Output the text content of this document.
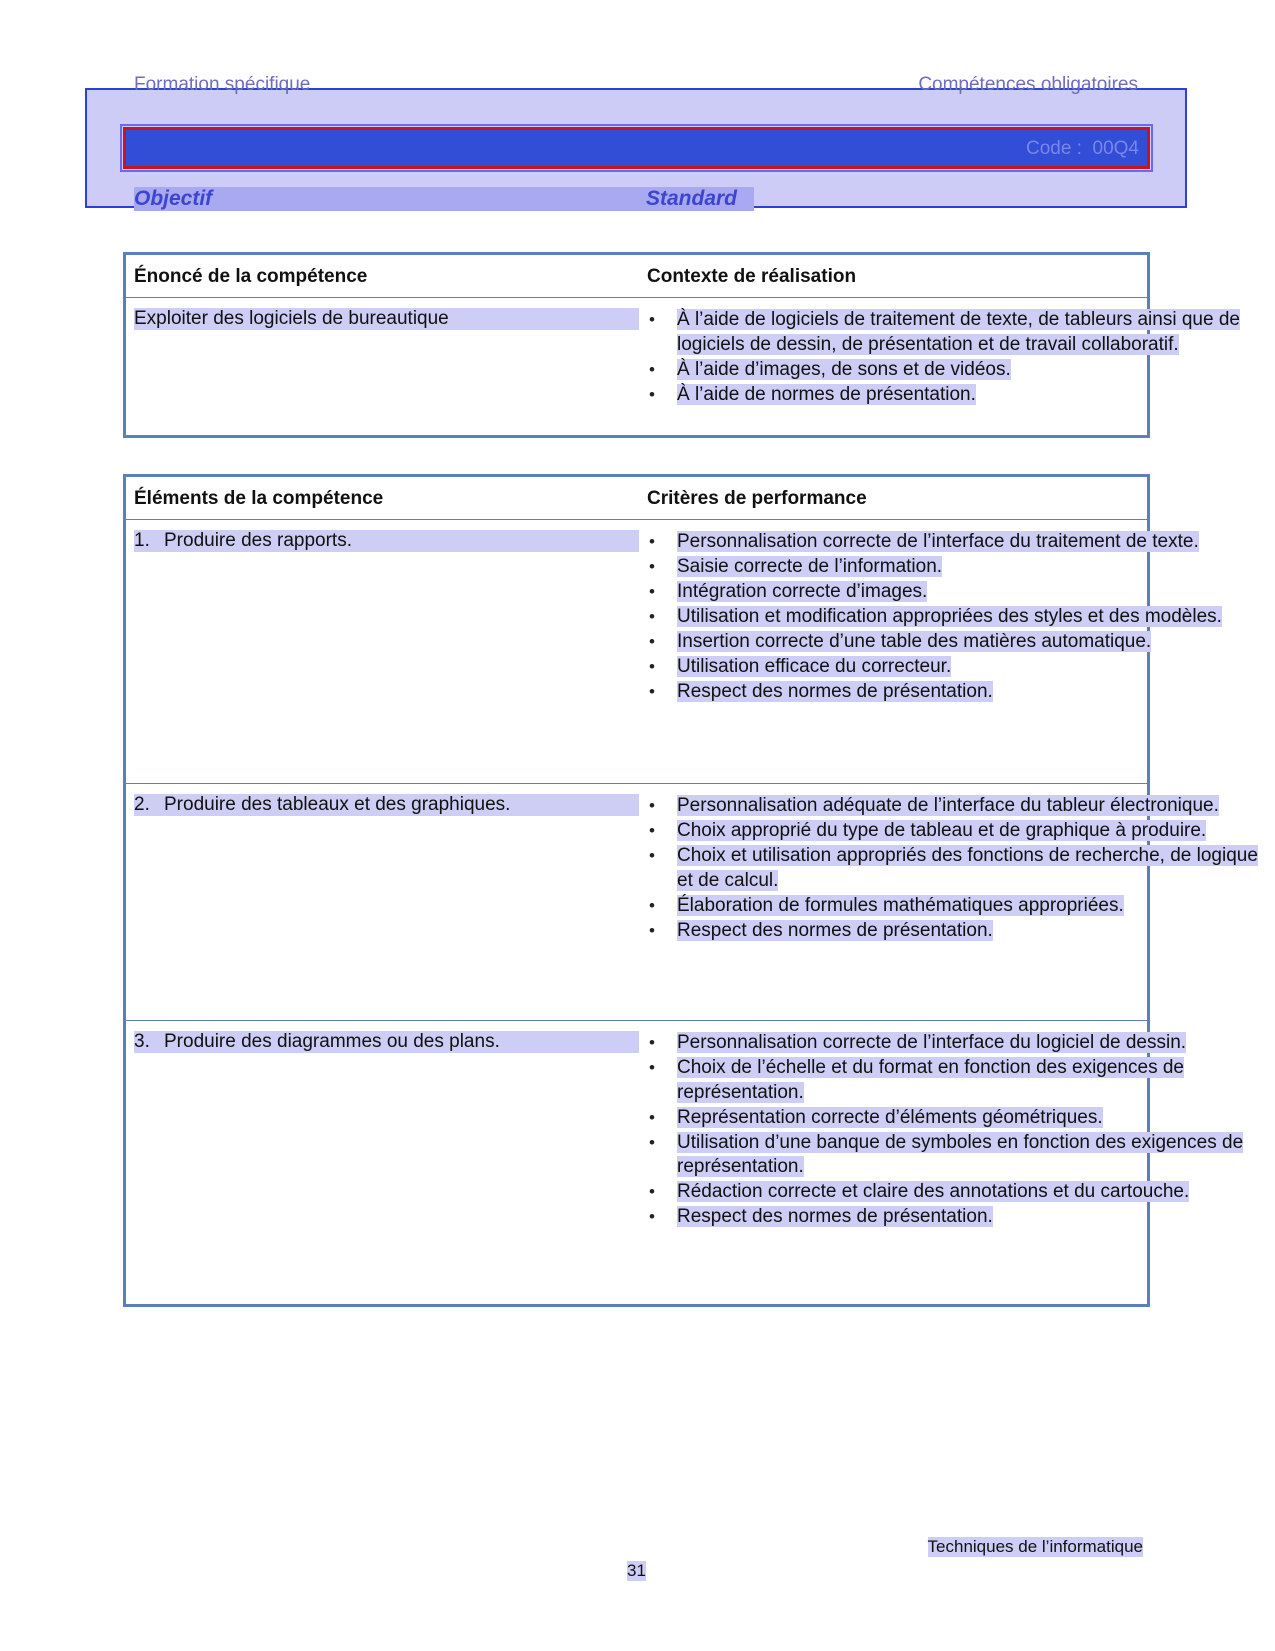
Formation spécifique	Compétences obligatoires
Code :  00Q4
Objectif	Standard
Énoncé de la compétence	Contexte de réalisation
Exploiter des logiciels de bureautique	• À l’aide de logiciels de traitement de texte, de tableurs ainsi que de logiciels de dessin, de présentation et de travail collaboratif.
• À l’aide d’images, de sons et de vidéos.
• À l’aide de normes de présentation.
Éléments de la compétence	Critères de performance
1. Produire des rapports.	• Personnalisation correcte de l’interface du traitement de texte.
• Saisie correcte de l’information.
• Intégration correcte d’images.
• Utilisation et modification appropriées des styles et des modèles.
• Insertion correcte d’une table des matières automatique.
• Utilisation efficace du correcteur.
• Respect des normes de présentation.
2. Produire des tableaux et des graphiques.	• Personnalisation adéquate de l’interface du tableur électronique.
• Choix approprié du type de tableau et de graphique à produire.
• Choix et utilisation appropriés des fonctions de recherche, de logique et de calcul.
• Élaboration de formules mathématiques appropriées.
• Respect des normes de présentation.
3. Produire des diagrammes ou des plans.	• Personnalisation correcte de l’interface du logiciel de dessin.
• Choix de l’échelle et du format en fonction des exigences de représentation.
• Représentation correcte d’éléments géométriques.
• Utilisation d’une banque de symboles en fonction des exigences de représentation.
• Rédaction correcte et claire des annotations et du cartouche.
• Respect des normes de présentation.
Techniques de l’informatique
31
